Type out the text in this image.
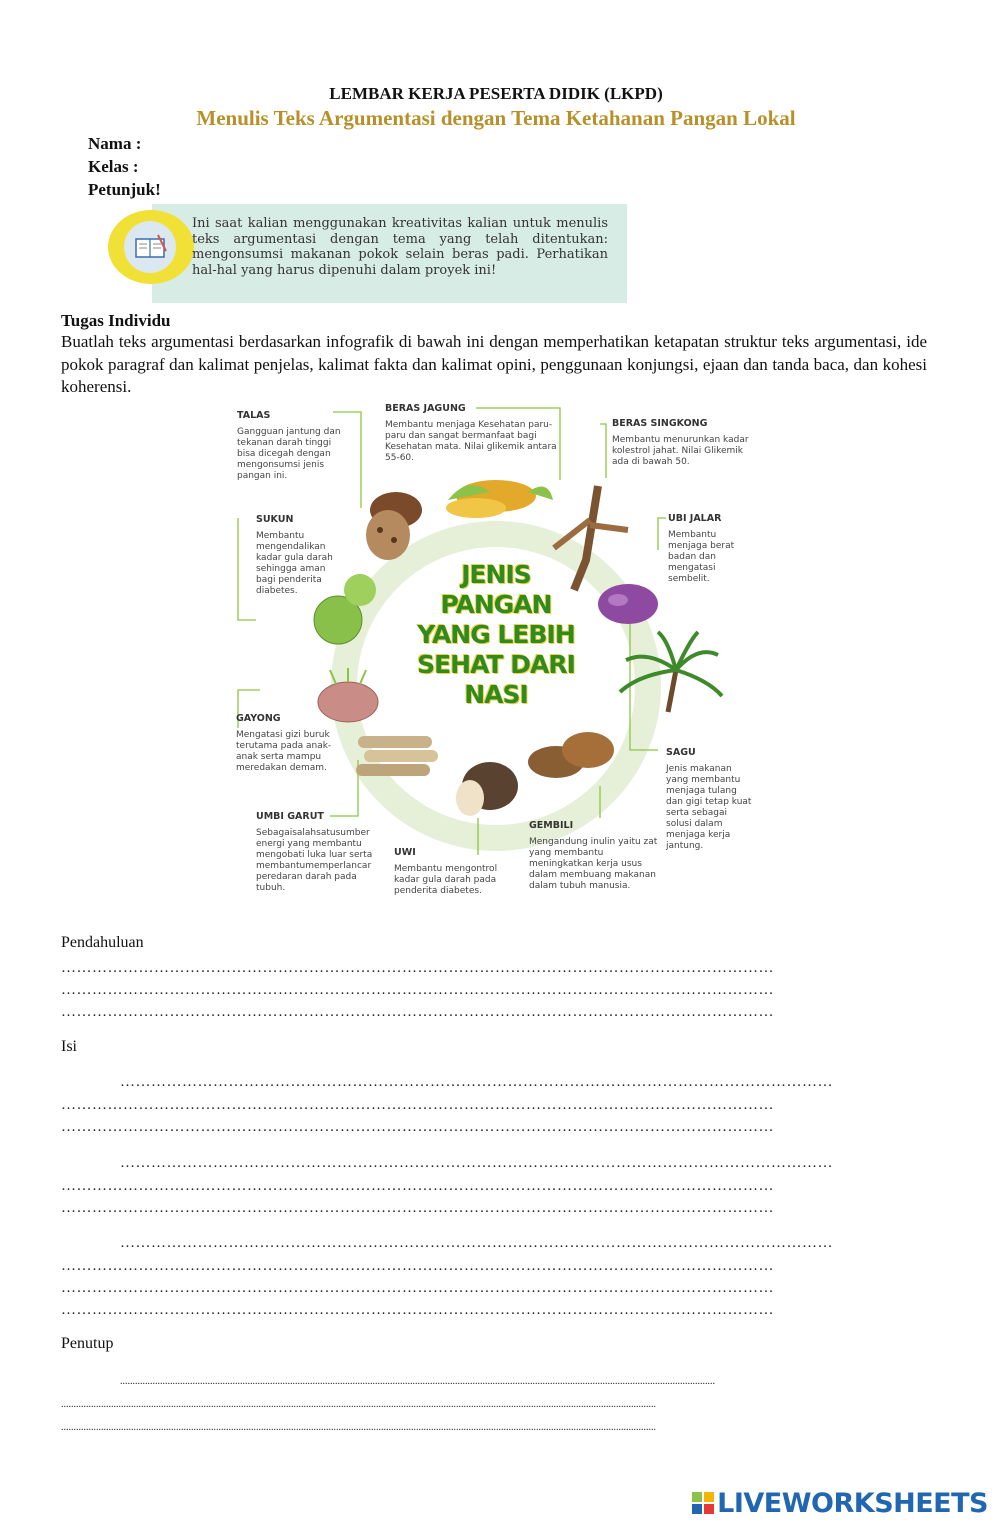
LEMBAR KERJA PESERTA DIDIK (LKPD)
Menulis Teks Argumentasi dengan Tema Ketahanan Pangan Lokal
Nama :
Kelas :
Petunjuk!
Ini saat kalian menggunakan kreativitas kalian untuk menulis teks argumentasi dengan tema yang telah ditentukan: mengonsumsi makanan pokok selain beras padi. Perhatikan hal-hal yang harus dipenuhi dalam proyek ini!
Tugas Individu
Buatlah teks argumentasi berdasarkan infografik di bawah ini dengan memperhatikan ketapatan struktur teks argumentasi, ide pokok paragraf dan kalimat penjelas, kalimat fakta dan kalimat opini, penggunaan konjungsi, ejaan dan tanda baca, dan kohesi koherensi.
JENIS
PANGAN
YANG LEBIH
SEHAT DARI
NASI
TALAS
Gangguan jantung dan tekanan darah tinggi bisa dicegah dengan mengonsumsi jenis pangan ini.
BERAS JAGUNG
Membantu menjaga Kesehatan paru-paru dan sangat bermanfaat bagi Kesehatan mata. Nilai glikemik antara 55-60.
BERAS SINGKONG
Membantu menurunkan kadar kolestrol jahat. Nilai Glikemik ada di bawah 50.
SUKUN
Membantu mengendalikan kadar gula darah sehingga aman bagi penderita diabetes.
UBI JALAR
Membantu menjaga berat badan dan mengatasi sembelit.
GAYONG
Mengatasi gizi buruk terutama pada anak-anak serta mampu meredakan demam.
SAGU
Jenis makanan yang membantu menjaga tulang dan gigi tetap kuat serta sebagai solusi dalam menjaga kerja jantung.
UMBI GARUT
Sebagaisalahsatusumber energi yang membantu mengobati luka luar serta membantumemperlancar peredaran darah pada tubuh.
UWI
Membantu mengontrol kadar gula darah pada penderita diabetes.
GEMBILI
Mengandung inulin yaitu zat yang membantu meningkatkan kerja usus dalam membuang makanan dalam tubuh manusia.
Pendahuluan
…………………………………………………………………………………………………………………………
…………………………………………………………………………………………………………………………
…………………………………………………………………………………………………………………………
Isi
…………………………………………………………………………………………………………………………
…………………………………………………………………………………………………………………………
…………………………………………………………………………………………………………………………
…………………………………………………………………………………………………………………………
…………………………………………………………………………………………………………………………
…………………………………………………………………………………………………………………………
…………………………………………………………………………………………………………………………
…………………………………………………………………………………………………………………………
…………………………………………………………………………………………………………………………
…………………………………………………………………………………………………………………………
Penutup
..............................................................................................................................................................................................................................................
..............................................................................................................................................................................................................................................
..............................................................................................................................................................................................................................................
LIVEWORKSHEETS
